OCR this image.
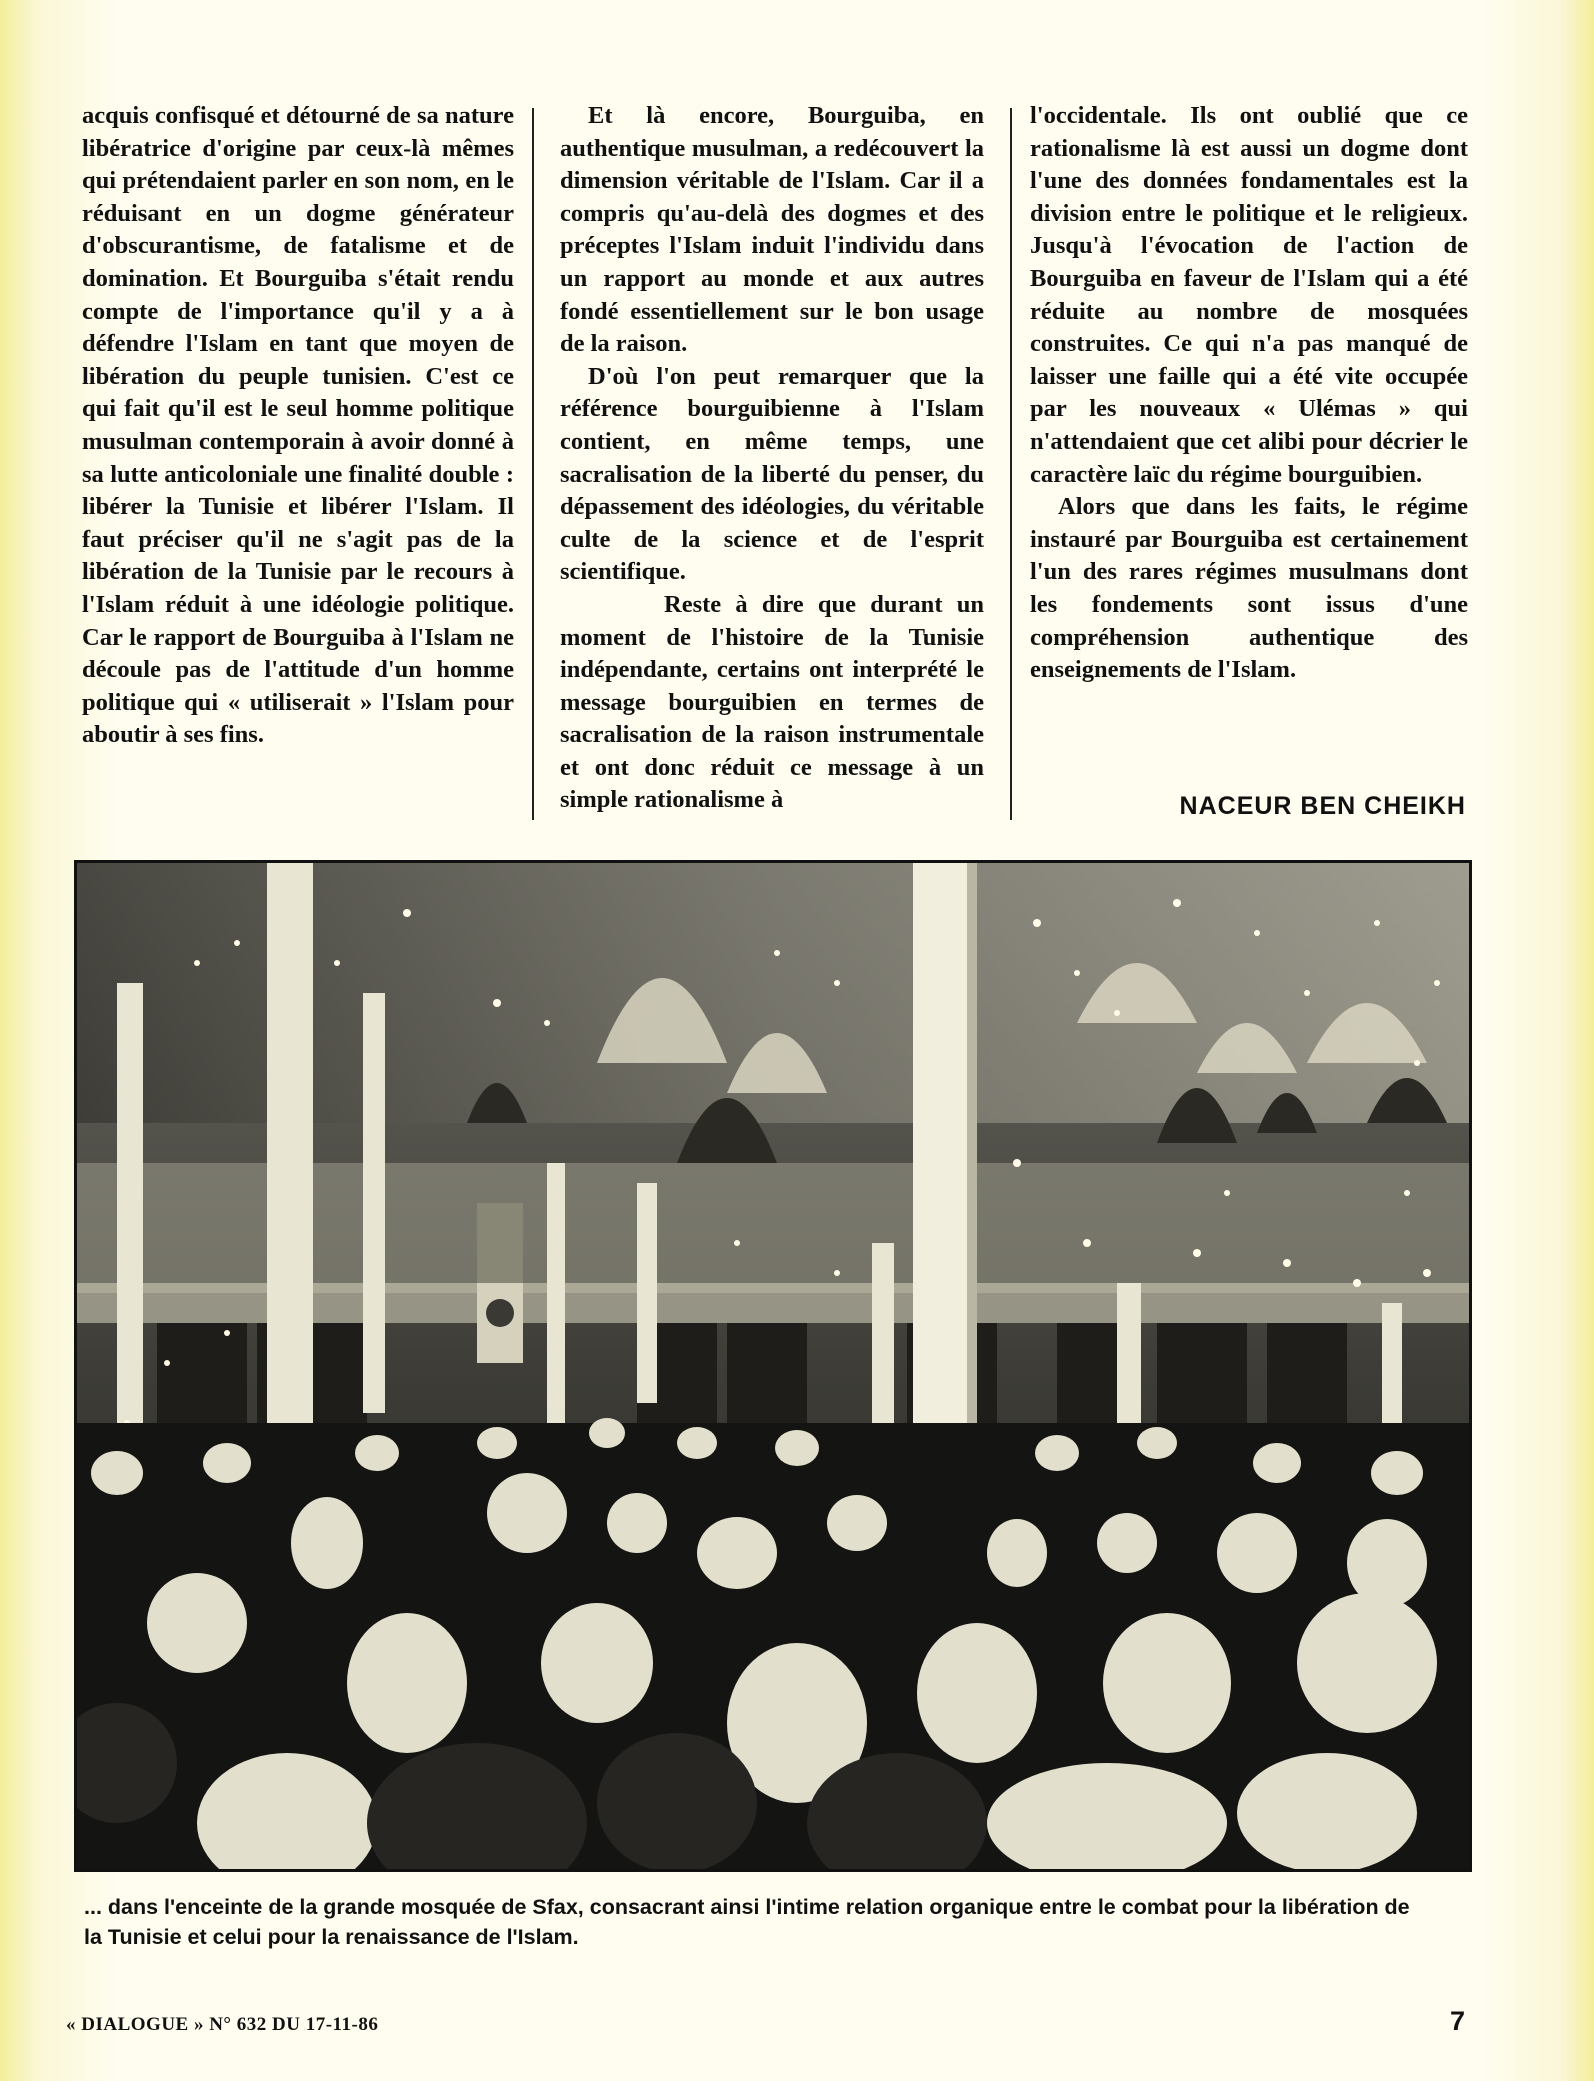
acquis confisqué et détourné de sa nature libératrice d'origine par ceux-là mêmes qui prétendaient parler en son nom, en le réduisant en un dogme générateur d'obscurantisme, de fatalisme et de domination. Et Bourguiba s'était rendu compte de l'importance qu'il y a à défendre l'Islam en tant que moyen de libération du peuple tunisien. C'est ce qui fait qu'il est le seul homme politique musulman contemporain à avoir donné à sa lutte anticoloniale une finalité double : libérer la Tunisie et libérer l'Islam. Il faut préciser qu'il ne s'agit pas de la libération de la Tunisie par le recours à l'Islam réduit à une idéologie politique. Car le rapport de Bourguiba à l'Islam ne découle pas de l'attitude d'un homme politique qui « utiliserait » l'Islam pour aboutir à ses fins.

Et là encore, Bourguiba, en authentique musulman, a redécouvert la dimension véritable de l'Islam. Car il a compris qu'au-delà des dogmes et des préceptes l'Islam induit l'individu dans un rapport au monde et aux autres fondé essentiellement sur le bon usage de la raison.

D'où l'on peut remarquer que la référence bourguibienne à l'Islam contient, en même temps, une sacralisation de la liberté du penser, du dépassement des idéologies, du véritable culte de la science et de l'esprit scientifique.

Reste à dire que durant un moment de l'histoire de la Tunisie indépendante, certains ont interprété le message bourguibien en termes de sacralisation de la raison instrumentale et ont donc réduit ce message à un simple rationalisme à

l'occidentale. Ils ont oublié que ce rationalisme là est aussi un dogme dont l'une des données fondamentales est la division entre le politique et le religieux. Jusqu'à l'évocation de l'action de Bourguiba en faveur de l'Islam qui a été réduite au nombre de mosquées construites. Ce qui n'a pas manqué de laisser une faille qui a été vite occupée par les nouveaux « Ulémas » qui n'attendaient que cet alibi pour décrier le caractère laïc du régime bourguibien.

Alors que dans les faits, le régime instauré par Bourguiba est certainement l'un des rares régimes musulmans dont les fondements sont issus d'une compréhension authentique des enseignements de l'Islam.

NACEUR BEN CHEIKH
... dans l'enceinte de la grande mosquée de Sfax, consacrant ainsi l'intime relation organique entre le combat pour la libération de la Tunisie et celui pour la renaissance de l'Islam.
« DIALOGUE » N° 632 DU 17-11-86	7
